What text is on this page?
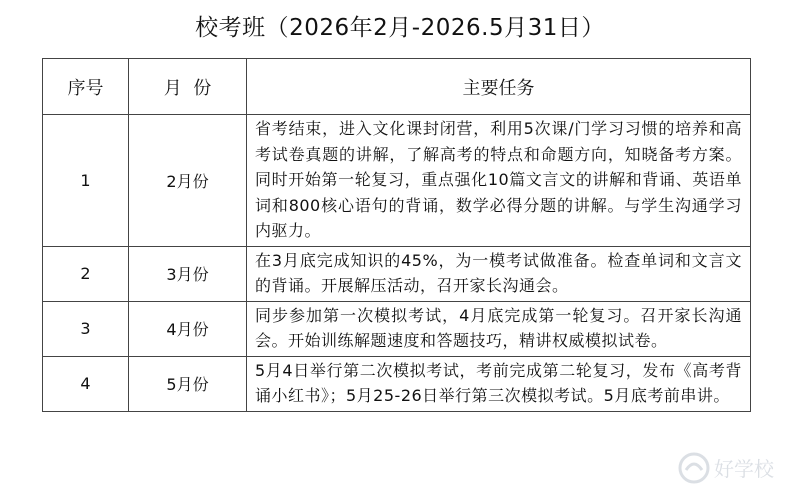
校考班（2026年2月-2026.5月31日）
序号	月  份	主要任务
1	2月份	省考结束，进入文化课封闭营，利用5次课/门学习习惯的培养和高考试卷真题的讲解，了解高考的特点和命题方向，知晓备考方案。同时开始第一轮复习，重点强化10篇文言文的讲解和背诵、英语单词和800核心语句的背诵，数学必得分题的讲解。与学生沟通学习内驱力。
2	3月份	在3月底完成知识的45%，为一模考试做准备。检查单词和文言文的背诵。开展解压活动，召开家长沟通会。
3	4月份	同步参加第一次模拟考试，4月底完成第一轮复习。召开家长沟通会。开始训练解题速度和答题技巧，精讲权威模拟试卷。
4	5月份	5月4日举行第二次模拟考试，考前完成第二轮复习，发布《高考背诵小红书》；5月25-26日举行第三次模拟考试。5月底考前串讲。
好学校
